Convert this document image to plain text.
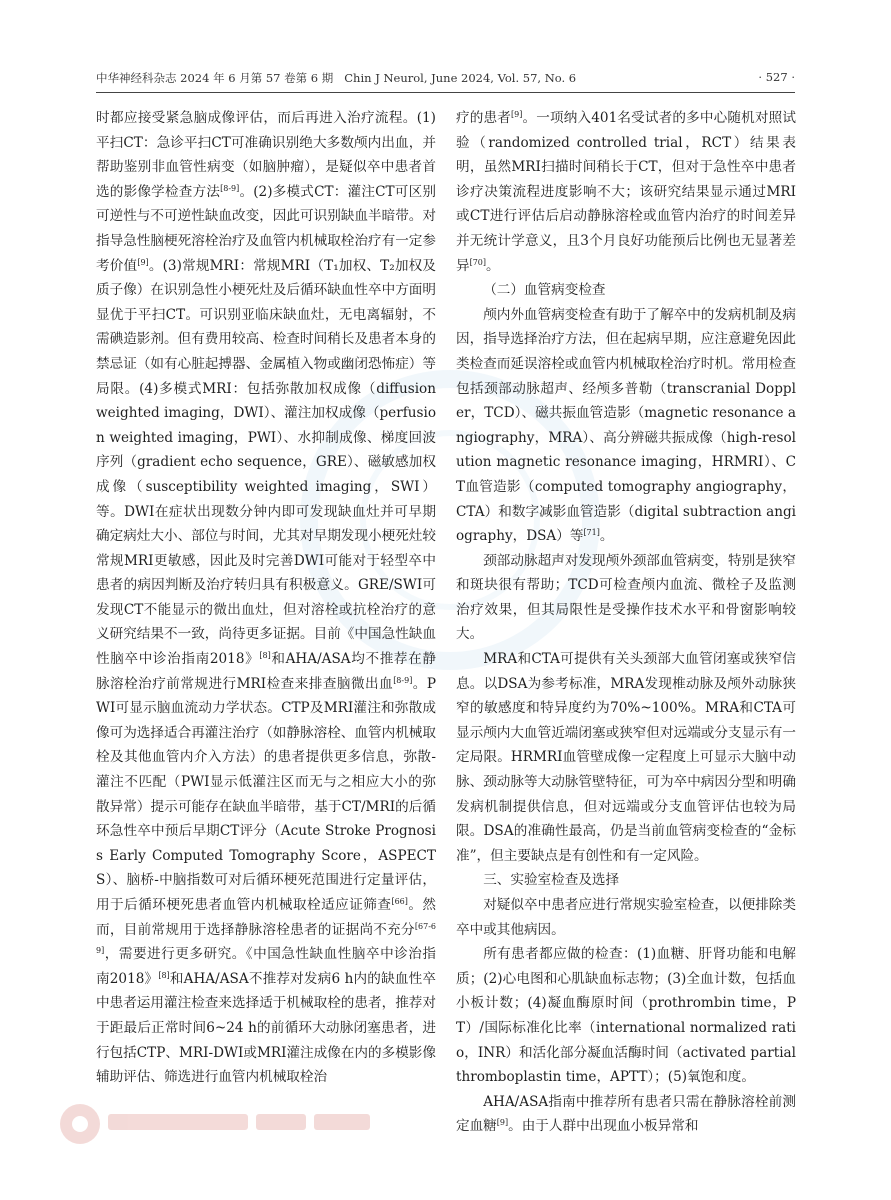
中华神经科杂志 2024 年 6 月第 57 卷第 6 期 Chin J Neurol, June 2024, Vol. 57, No. 6	· 527 ·

时都应接受紧急脑成像评估，而后再进入治疗流程。(1)平扫CT：急诊平扫CT可准确识别绝大多数颅内出血，并帮助鉴别非血管性病变（如脑肿瘤），是疑似卒中患者首选的影像学检查方法[8-9]。(2)多模式CT：灌注CT可区别可逆性与不可逆性缺血改变，因此可识别缺血半暗带。对指导急性脑梗死溶栓治疗及血管内机械取栓治疗有一定参考价值[9]。(3)常规MRI：常规MRI（T₁加权、T₂加权及质子像）在识别急性小梗死灶及后循环缺血性卒中方面明显优于平扫CT。可识别亚临床缺血灶，无电离辐射，不需碘造影剂。但有费用较高、检查时间稍长及患者本身的禁忌证（如有心脏起搏器、金属植入物或幽闭恐怖症）等局限。(4)多模式MRI：包括弥散加权成像（diffusion weighted imaging，DWI）、灌注加权成像（perfusion weighted imaging，PWI）、水抑制成像、梯度回波序列（gradient echo sequence，GRE）、磁敏感加权成像（susceptibility weighted imaging，SWI）等。DWI在症状出现数分钟内即可发现缺血灶并可早期确定病灶大小、部位与时间，尤其对早期发现小梗死灶较常规MRI更敏感，因此及时完善DWI可能对于轻型卒中患者的病因判断及治疗转归具有积极意义。GRE/SWI可发现CT不能显示的微出血灶，但对溶栓或抗栓治疗的意义研究结果不一致，尚待更多证据。目前《中国急性缺血性脑卒中诊治指南2018》[8]和AHA/ASA均不推荐在静脉溶栓治疗前常规进行MRI检查来排查脑微出血[8-9]。PWI可显示脑血流动力学状态。CTP及MRI灌注和弥散成像可为选择适合再灌注治疗（如静脉溶栓、血管内机械取栓及其他血管内介入方法）的患者提供更多信息，弥散-灌注不匹配（PWI显示低灌注区而无与之相应大小的弥散异常）提示可能存在缺血半暗带，基于CT/MRI的后循环急性卒中预后早期CT评分（Acute Stroke Prognosis Early Computed Tomography Score，ASPECTS）、脑桥-中脑指数可对后循环梗死范围进行定量评估，用于后循环梗死患者血管内机械取栓适应证筛查[66]。然而，目前常规用于选择静脉溶栓患者的证据尚不充分[67-69]，需要进行更多研究。《中国急性缺血性脑卒中诊治指南2018》[8]和AHA/ASA不推荐对发病6 h内的缺血性卒中患者运用灌注检查来选择适于机械取栓的患者，推荐对于距最后正常时间6~24 h的前循环大动脉闭塞患者，进行包括CTP、MRI-DWI或MRI灌注成像在内的多模影像辅助评估、筛选进行血管内机械取栓治

疗的患者[9]。一项纳入401名受试者的多中心随机对照试验（randomized controlled trial，RCT）结果表明，虽然MRI扫描时间稍长于CT，但对于急性卒中患者诊疗决策流程进度影响不大；该研究结果显示通过MRI或CT进行评估后启动静脉溶栓或血管内治疗的时间差异并无统计学意义，且3个月良好功能预后比例也无显著差异[70]。

（二）血管病变检查

颅内外血管病变检查有助于了解卒中的发病机制及病因，指导选择治疗方法，但在起病早期，应注意避免因此类检查而延误溶栓或血管内机械取栓治疗时机。常用检查包括颈部动脉超声、经颅多普勒（transcranial Doppler，TCD）、磁共振血管造影（magnetic resonance angiography，MRA）、高分辨磁共振成像（high-resolution magnetic resonance imaging，HRMRI）、CT血管造影（computed tomography angiography，CTA）和数字减影血管造影（digital subtraction angiography，DSA）等[71]。

颈部动脉超声对发现颅外颈部血管病变，特别是狭窄和斑块很有帮助；TCD可检查颅内血流、微栓子及监测治疗效果，但其局限性是受操作技术水平和骨窗影响较大。

MRA和CTA可提供有关头颈部大血管闭塞或狭窄信息。以DSA为参考标准，MRA发现椎动脉及颅外动脉狭窄的敏感度和特异度约为70%~100%。MRA和CTA可显示颅内大血管近端闭塞或狭窄但对远端或分支显示有一定局限。HRMRI血管壁成像一定程度上可显示大脑中动脉、颈动脉等大动脉管壁特征，可为卒中病因分型和明确发病机制提供信息，但对远端或分支血管评估也较为局限。DSA的准确性最高，仍是当前血管病变检查的“金标准”，但主要缺点是有创性和有一定风险。

三、实验室检查及选择

对疑似卒中患者应进行常规实验室检查，以便排除类卒中或其他病因。

所有患者都应做的检查：(1)血糖、肝肾功能和电解质；(2)心电图和心肌缺血标志物；(3)全血计数，包括血小板计数；(4)凝血酶原时间（prothrombin time，PT）/国际标准化比率（international normalized ratio，INR）和活化部分凝血活酶时间（activated partial thromboplastin time，APTT）；(5)氧饱和度。

AHA/ASA指南中推荐所有患者只需在静脉溶栓前测定血糖[9]。由于人群中出现血小板异常和
